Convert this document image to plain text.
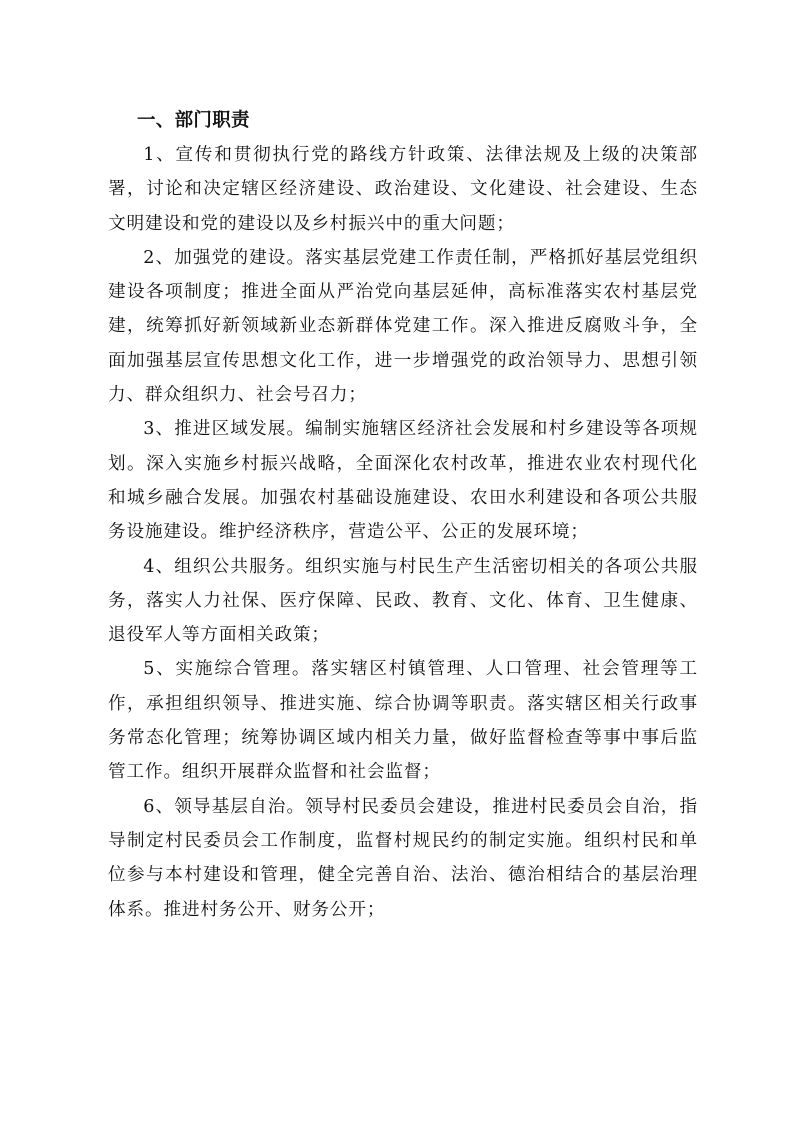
一、部门职责

1、宣传和贯彻执行党的路线方针政策、法律法规及上级的决策部署，讨论和决定辖区经济建设、政治建设、文化建设、社会建设、生态文明建设和党的建设以及乡村振兴中的重大问题；

2、加强党的建设。落实基层党建工作责任制，严格抓好基层党组织建设各项制度；推进全面从严治党向基层延伸，高标准落实农村基层党建，统筹抓好新领域新业态新群体党建工作。深入推进反腐败斗争，全面加强基层宣传思想文化工作，进一步增强党的政治领导力、思想引领力、群众组织力、社会号召力；

3、推进区域发展。编制实施辖区经济社会发展和村乡建设等各项规划。深入实施乡村振兴战略，全面深化农村改革，推进农业农村现代化和城乡融合发展。加强农村基础设施建设、农田水利建设和各项公共服务设施建设。维护经济秩序，营造公平、公正的发展环境；

4、组织公共服务。组织实施与村民生产生活密切相关的各项公共服务，落实人力社保、医疗保障、民政、教育、文化、体育、卫生健康、退役军人等方面相关政策；

5、实施综合管理。落实辖区村镇管理、人口管理、社会管理等工作，承担组织领导、推进实施、综合协调等职责。落实辖区相关行政事务常态化管理；统筹协调区域内相关力量，做好监督检查等事中事后监管工作。组织开展群众监督和社会监督；

6、领导基层自治。领导村民委员会建设，推进村民委员会自治，指导制定村民委员会工作制度，监督村规民约的制定实施。组织村民和单位参与本村建设和管理，健全完善自治、法治、德治相结合的基层治理体系。推进村务公开、财务公开；
